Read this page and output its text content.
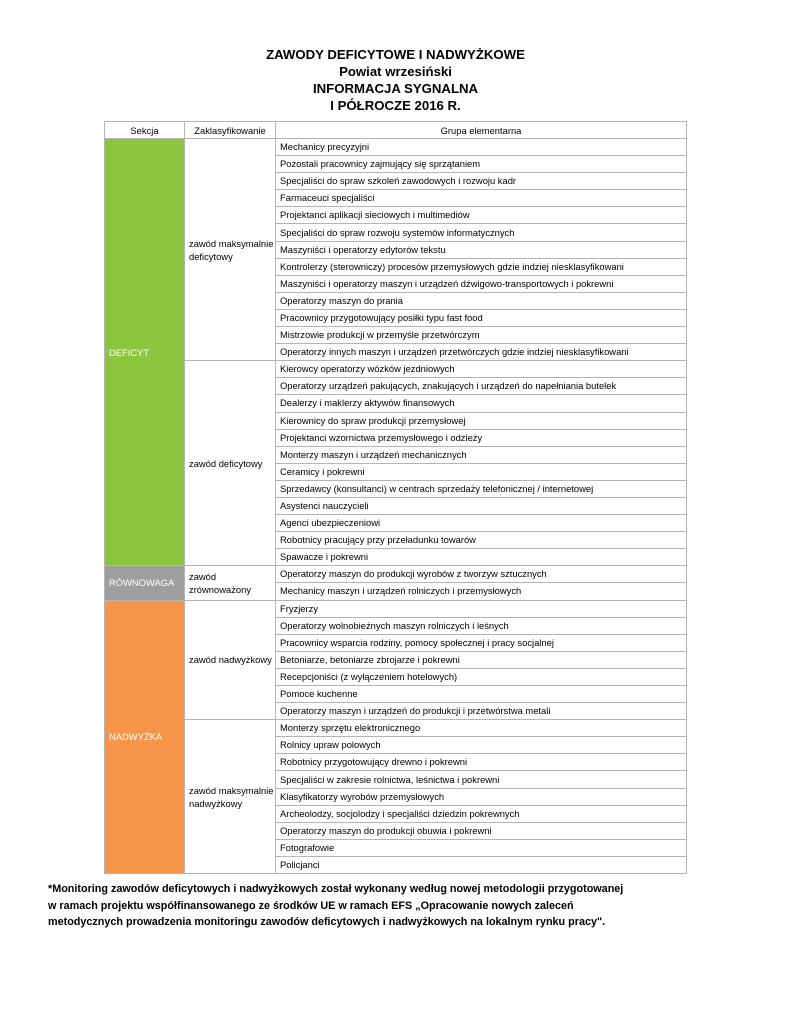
ZAWODY DEFICYTOWE I NADWYŻKOWE
Powiat wrzesiński
INFORMACJA SYGNALNA
I PÓŁROCZE 2016 R.
Sekcja	Zaklasyfikowanie	Grupa elementarna
DEFICYT	zawód maksymalnie deficytowy	Mechanicy precyzyjni
		Pozostali pracownicy zajmujący się sprzątaniem
		Specjaliści do spraw szkoleń zawodowych i rozwoju kadr
		Farmaceuci specjaliści
		Projektanci aplikacji sieciowych i multimediów
		Specjaliści do spraw rozwoju systemów informatycznych
		Maszyniści i operatorzy edytorów tekstu
		Kontrolerzy (sterowniczy) procesów przemysłowych gdzie indziej niesklasyfikowani
		Maszyniści i operatorzy maszyn i urządzeń dźwigowo-transportowych i pokrewni
		Operatorzy maszyn do prania
		Pracownicy przygotowujący posiłki typu fast food
		Mistrzowie produkcji w przemyśle przetwórczym
		Operatorzy innych maszyn i urządzeń przetwórczych gdzie indziej niesklasyfikowani
	zawód deficytowy	Kierowcy operatorzy wózków jezdniowych
		Operatorzy urządzeń pakujących, znakujących i urządzeń do napełniania butelek
		Dealerzy i maklerzy aktywów finansowych
		Kierownicy do spraw produkcji przemysłowej
		Projektanci wzornictwa przemysłowego i odzieży
		Monterzy maszyn i urządzeń mechanicznych
		Ceramicy i pokrewni
		Sprzedawcy (konsultanci) w centrach sprzedaży telefonicznej / internetowej
		Asystenci nauczycieli
		Agenci ubezpieczeniowi
		Robotnicy pracujący przy przeładunku towarów
		Spawacze i pokrewni
RÓWNOWAGA	zawód zrównoważony	Operatorzy maszyn do produkcji wyrobów z tworzyw sztucznych
		Mechanicy maszyn i urządzeń rolniczych i przemysłowych
NADWYŻKA	zawód nadwyżkowy	Fryzjerzy
		Operatorzy wolnobieżnych maszyn rolniczych i leśnych
		Pracownicy wsparcia rodziny, pomocy społecznej i pracy socjalnej
		Betoniarze, betoniarze zbrojarze i pokrewni
		Recepcjoniści (z wyłączeniem hotelowych)
		Pomoce kuchenne
		Operatorzy maszyn i urządzeń do produkcji i przetwórstwa metali
	zawód maksymalnie nadwyżkowy	Monterzy sprzętu elektronicznego
		Rolnicy upraw polowych
		Robotnicy przygotowujący drewno i pokrewni
		Specjaliści w zakresie rolnictwa, leśnictwa i pokrewni
		Klasyfikatorzy wyrobów przemysłowych
		Archeolodzy, socjolodzy i specjaliści dziedzin pokrewnych
		Operatorzy maszyn do produkcji obuwia i pokrewni
		Fotografowie
		Policjanci
*Monitoring zawodów deficytowych i nadwyżkowych został wykonany według nowej metodologii przygotowanej
w ramach projektu współfinansowanego ze środków UE w ramach EFS „Opracowanie nowych zaleceń
metodycznych prowadzenia monitoringu zawodów deficytowych i nadwyżkowych na lokalnym rynku pracy".
